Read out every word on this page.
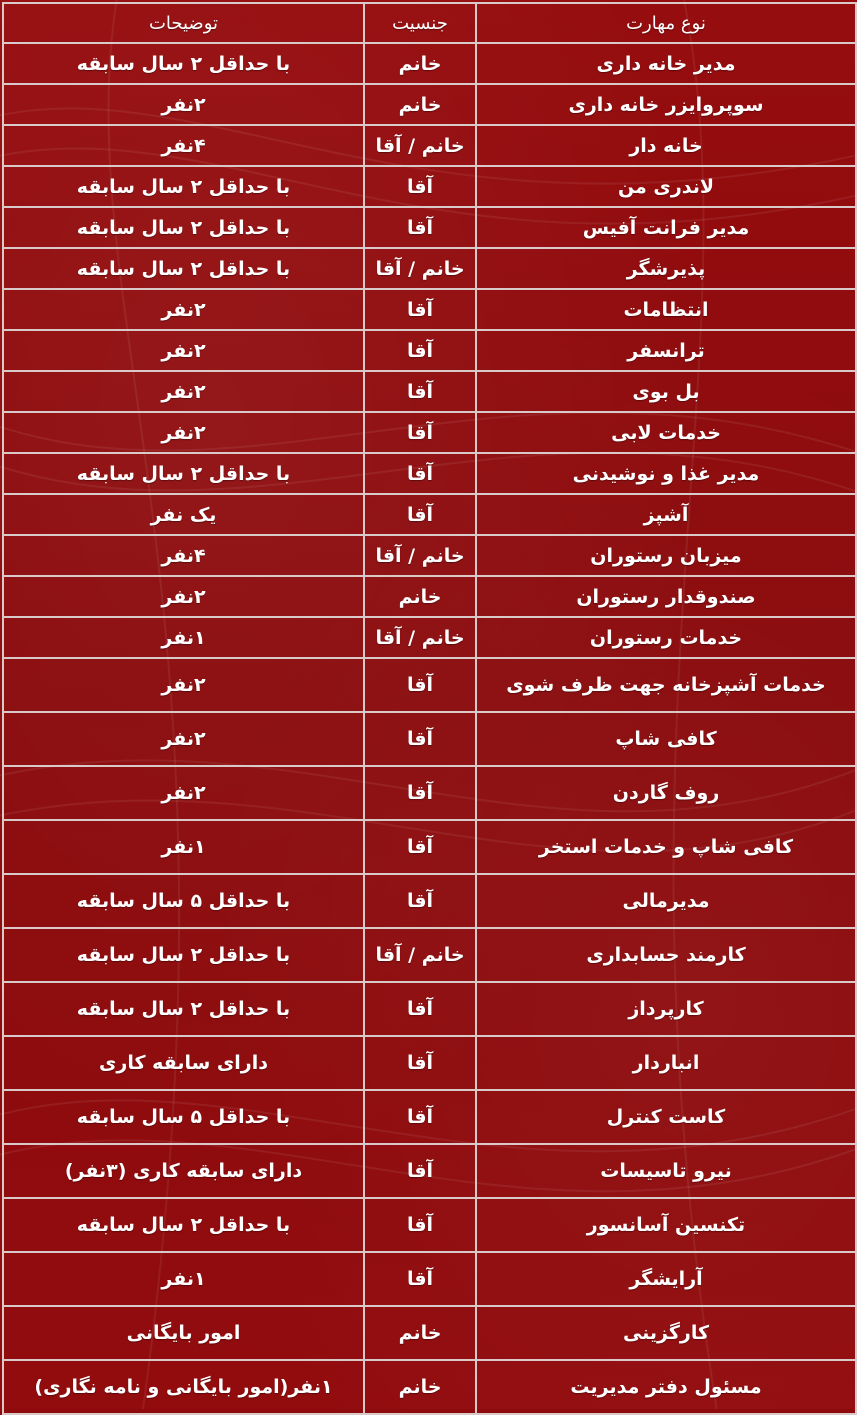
نوع مهارت	جنسیت	توضیحات
مدیر خانه داری	خانم	با حداقل ۲ سال سابقه
سوپروایزر خانه داری	خانم	۲نفر
خانه دار	خانم / آقا	۴نفر
لاندری من	آقا	با حداقل ۲ سال سابقه
مدیر فرانت آفیس	آقا	با حداقل ۲ سال سابقه
پذیرشگر	خانم / آقا	با حداقل ۲ سال سابقه
انتظامات	آقا	۲نفر
ترانسفر	آقا	۲نفر
بل بوی	آقا	۲نفر
خدمات لابی	آقا	۲نفر
مدیر غذا و نوشیدنی	آقا	با حداقل ۲ سال سابقه
آشپز	آقا	یک نفر
میزبان رستوران	خانم / آقا	۴نفر
صندوقدار رستوران	خانم	۲نفر
خدمات رستوران	خانم / آقا	۱نفر
خدمات آشپزخانه جهت ظرف شوی	آقا	۲نفر
کافی شاپ	آقا	۲نفر
روف گاردن	آقا	۲نفر
کافی شاپ و خدمات استخر	آقا	۱نفر
مدیرمالی	آقا	با حداقل ۵ سال سابقه
کارمند حسابداری	خانم / آقا	با حداقل ۲ سال سابقه
کارپرداز	آقا	با حداقل ۲ سال سابقه
انباردار	آقا	دارای سابقه کاری
کاست کنترل	آقا	با حداقل ۵ سال سابقه
نیرو تاسیسات	آقا	دارای سابقه کاری (۳نفر)
تکنسین آسانسور	آقا	با حداقل ۲ سال سابقه
آرایشگر	آقا	۱نفر
کارگزینی	خانم	امور بایگانی
مسئول دفتر مدیریت	خانم	۱نفر(امور بایگانی و نامه نگاری)
